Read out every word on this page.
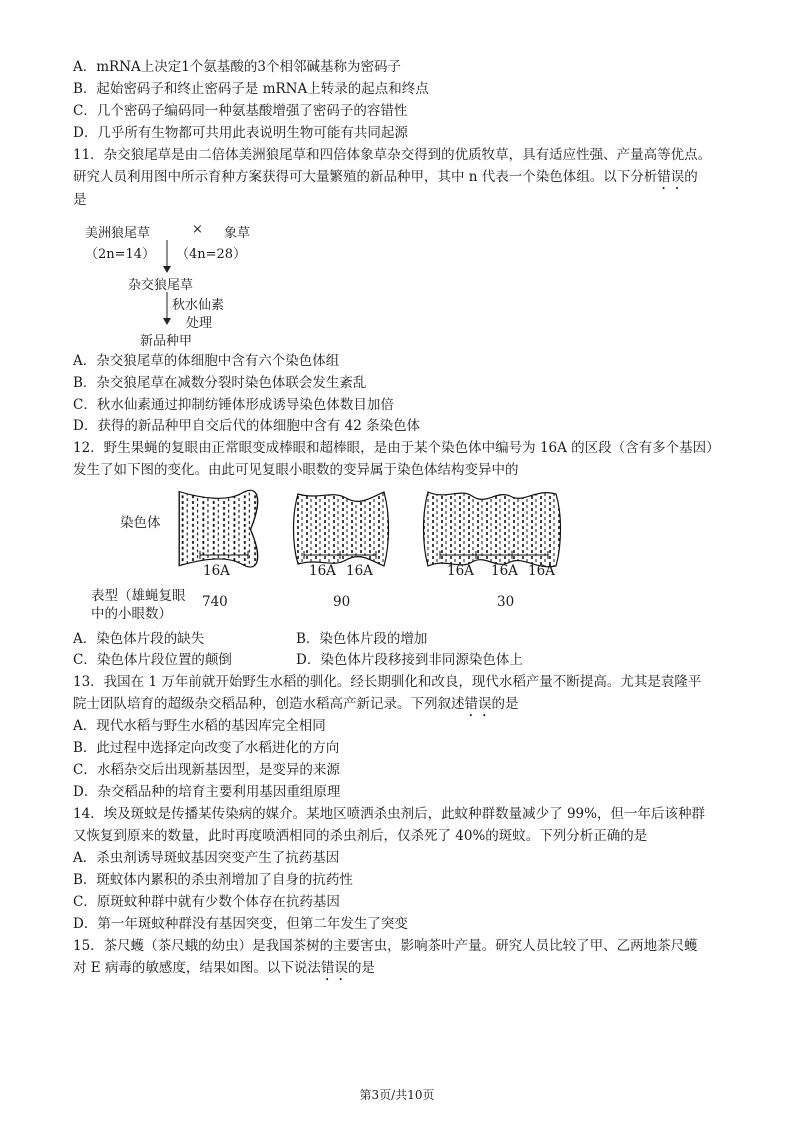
A．mRNA上决定1个氨基酸的3个相邻碱基称为密码子
B．起始密码子和终止密码子是 mRNA上转录的起点和终点
C．几个密码子编码同一种氨基酸增强了密码子的容错性
D．几乎所有生物都可共用此表说明生物可能有共同起源
11．杂交狼尾草是由二倍体美洲狼尾草和四倍体象草杂交得到的优质牧草，具有适应性强、产量高等优点。
研究人员利用图中所示育种方案获得可大量繁殖的新品种甲，其中 n 代表一个染色体组。以下分析错误的
是
美洲狼尾草	× 象草
（2n=14） （4n=28）
杂交狼尾草
秋水仙素
处理
新品种甲
A．杂交狼尾草的体细胞中含有六个染色体组
B．杂交狼尾草在减数分裂时染色体联会发生紊乱
C．秋水仙素通过抑制纺锤体形成诱导染色体数目加倍
D．获得的新品种甲自交后代的体细胞中含有 42 条染色体
12．野生果蝇的复眼由正常眼变成棒眼和超棒眼，是由于某个染色体中编号为 16A 的区段（含有多个基因）
发生了如下图的变化。由此可见复眼小眼数的变异属于染色体结构变异中的
染色体
16A	16A 16A	16A 16A 16A
表型（雄蝇复眼
中的小眼数）
740	90	30
A．染色体片段的缺失	B．染色体片段的增加
C．染色体片段位置的颠倒	D．染色体片段移接到非同源染色体上
13．我国在 1 万年前就开始野生水稻的驯化。经长期驯化和改良，现代水稻产量不断提高。尤其是袁隆平
院士团队培育的超级杂交稻品种，创造水稻高产新记录。下列叙述错误的是
A．现代水稻与野生水稻的基因库完全相同
B．此过程中选择定向改变了水稻进化的方向
C．水稻杂交后出现新基因型，是变异的来源
D．杂交稻品种的培育主要利用基因重组原理
14．埃及斑蚊是传播某传染病的媒介。某地区喷洒杀虫剂后，此蚊种群数量减少了 99%，但一年后该种群
又恢复到原来的数量，此时再度喷洒相同的杀虫剂后，仅杀死了 40%的斑蚊。下列分析正确的是
A．杀虫剂诱导斑蚊基因突变产生了抗药基因
B．斑蚊体内累积的杀虫剂增加了自身的抗药性
C．原斑蚊种群中就有少数个体存在抗药基因
D．第一年斑蚊种群没有基因突变，但第二年发生了突变
15．茶尺蠖（茶尺蛾的幼虫）是我国茶树的主要害虫，影响茶叶产量。研究人员比较了甲、乙两地茶尺蠖
对 E 病毒的敏感度，结果如图。以下说法错误的是
第3页/共10页
